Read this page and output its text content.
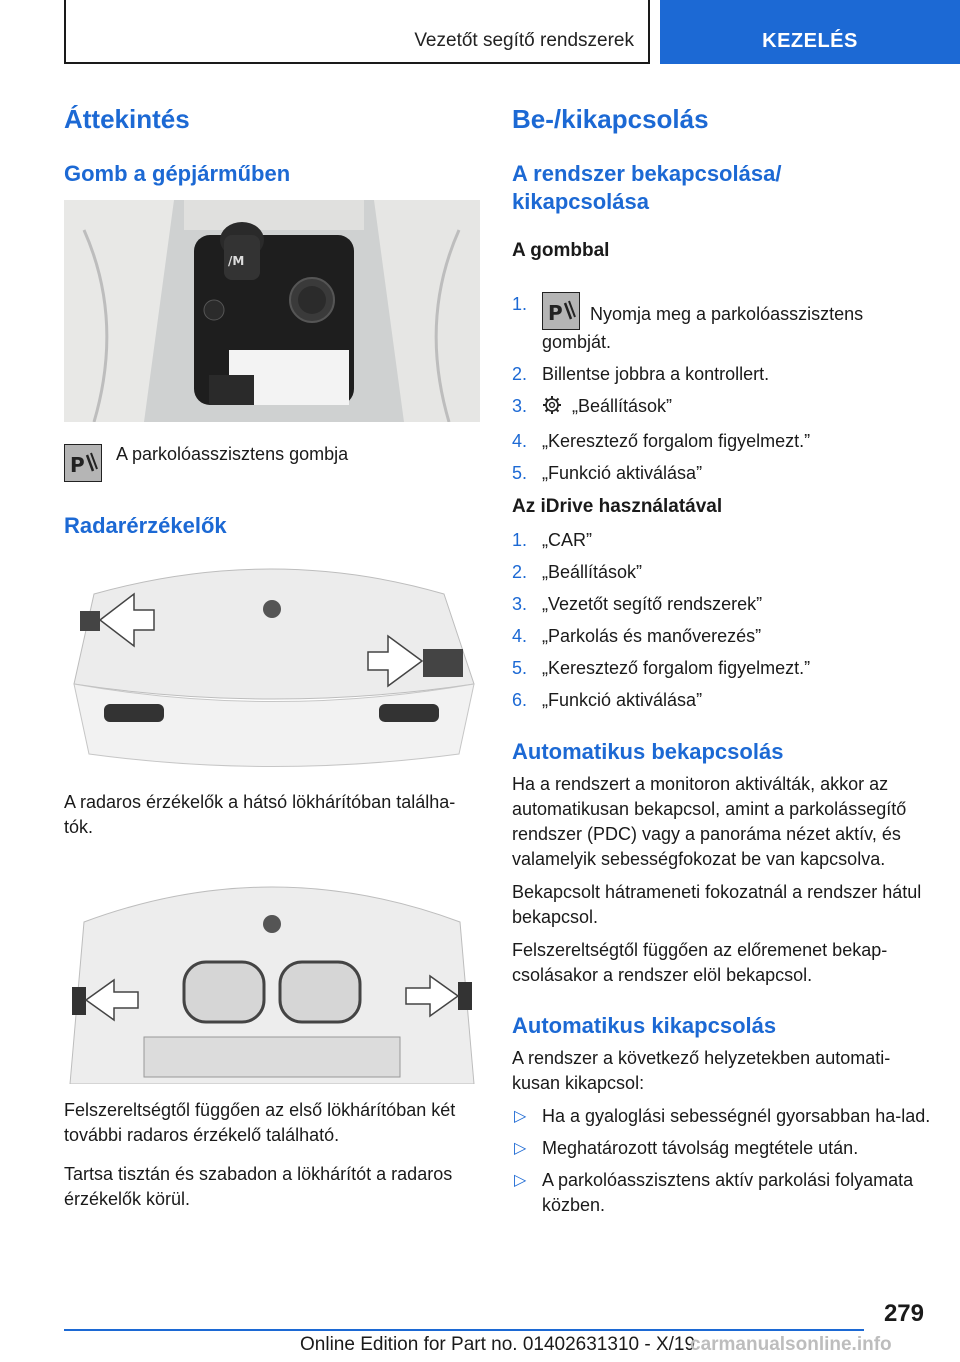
Vezetőt segítő rendszerek	KEZELÉS
Áttekintés
Gomb a gépjárműben
/M
P A parkolóasszisztens gombja
Radarérzékelők
A radaros érzékelők a hátsó lökhárítóban találha-tók.
Felszereltségtől függően az első lökhárítóban két további radaros érzékelő található.
Tartsa tisztán és szabadon a lökhárítót a radaros érzékelők körül.
Be-/kikapcsolás
A rendszer bekapcsolása/ kikapcsolása
A gombbal
1. P Nyomja meg a parkolóasszisztens gombját.
2. Billentse jobbra a kontrollert.
3. „Beállítások”
4. „Keresztező forgalom figyelmezt.”
5. „Funkció aktiválása”
Az iDrive használatával
1. „CAR”
2. „Beállítások”
3. „Vezetőt segítő rendszerek”
4. „Parkolás és manőverezés”
5. „Keresztező forgalom figyelmezt.”
6. „Funkció aktiválása”
Automatikus bekapcsolás
Ha a rendszert a monitoron aktiválták, akkor az automatikusan bekapcsol, amint a parkolássegítő rendszer (PDC) vagy a panoráma nézet aktív, és valamelyik sebességfokozat be van kapcsolva.
Bekapcsolt hátrameneti fokozatnál a rendszer hátul bekapcsol.
Felszereltségtől függően az előremenet bekap-csolásakor a rendszer elöl bekapcsol.
Automatikus kikapcsolás
A rendszer a következő helyzetekben automati-kusan kikapcsol:
▷ Ha a gyaloglási sebességnél gyorsabban ha-lad.
▷ Meghatározott távolság megtétele után.
▷ A parkolóasszisztens aktív parkolási folyamata közben.
279
Online Edition for Part no. 01402631310 - X/19
carmanualsonline.info
